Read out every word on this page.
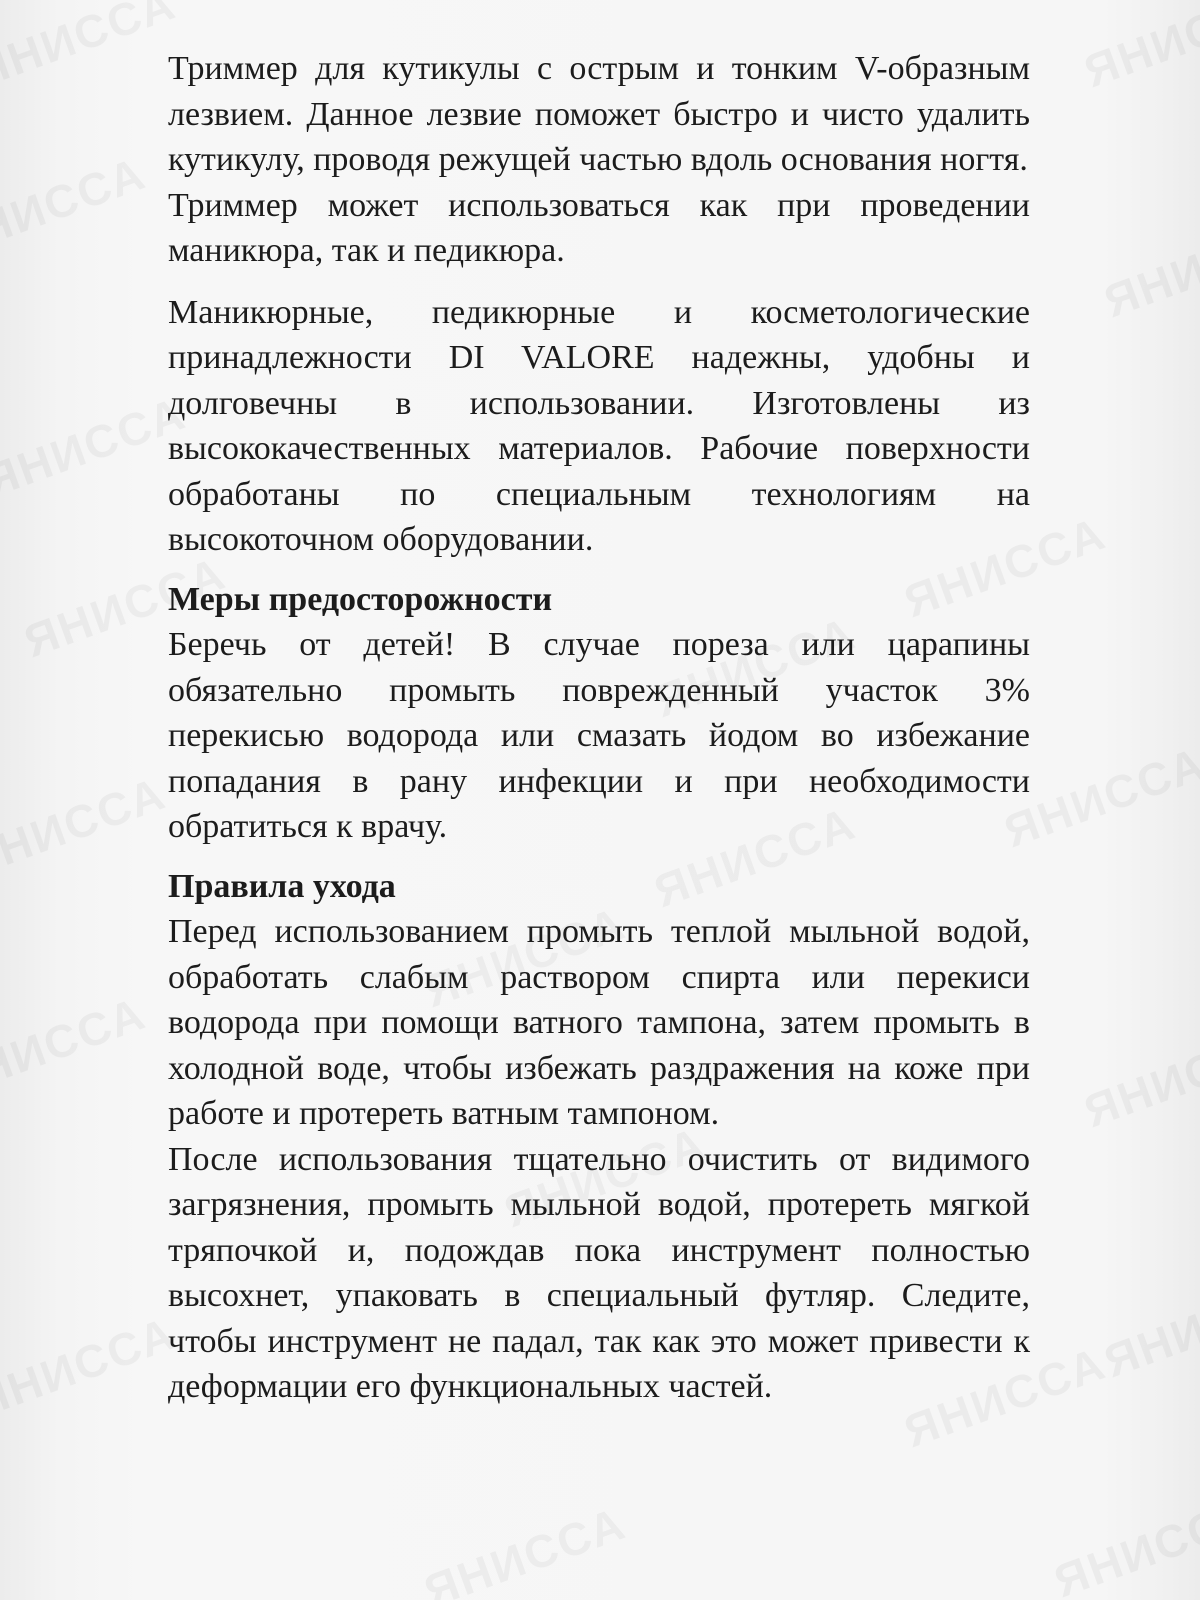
Триммер для кутикулы с острым и тонким V-образным лезвием. Данное лезвие поможет быстро и чисто удалить кутикулу, проводя режущей частью вдоль основания ногтя.

Триммер может использоваться как при проведении маникюра, так и педикюра.

Маникюрные, педикюрные и косметологические принадлежности DI VALORE надежны, удобны и долговечны в использовании. Изготовлены из высококачественных материалов. Рабочие поверхности обработаны по специальным технологиям на высокоточном оборудовании.

Меры предосторожности

Беречь от детей! В случае пореза или царапины обязательно промыть поврежденный участок 3% перекисью водорода или смазать йодом во избежание попадания в рану инфекции и при необходимости обратиться к врачу.

Правила ухода

Перед использованием промыть теплой мыльной водой, обработать слабым раствором спирта или перекиси водорода при помощи ватного тампона, затем промыть в холодной воде, чтобы избежать раздражения на коже при работе и протереть ватным тампоном.

После использования тщательно очистить от видимого загрязнения, промыть мыльной водой, протереть мягкой тряпочкой и, подождав пока инструмент полностью высохнет, упаковать в специальный футляр. Следите, чтобы инструмент не падал, так как это может привести к деформации его функциональных частей.
